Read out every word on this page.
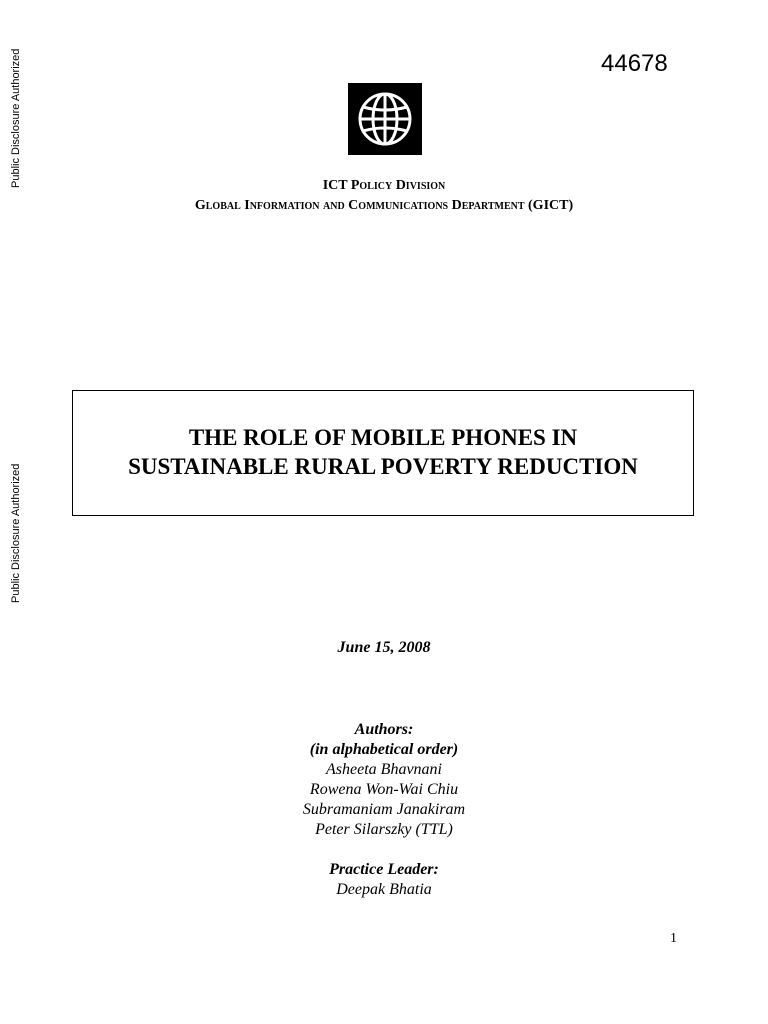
Public Disclosure Authorized
Public Disclosure Authorized
44678
ICT Policy Division
Global Information and Communications Department (GICT)
THE ROLE OF MOBILE PHONES IN
SUSTAINABLE RURAL POVERTY REDUCTION
June 15, 2008
Authors:
(in alphabetical order)
Asheeta Bhavnani
Rowena Won-Wai Chiu
Subramaniam Janakiram
Peter Silarszky (TTL)
Practice Leader:
Deepak Bhatia
1
